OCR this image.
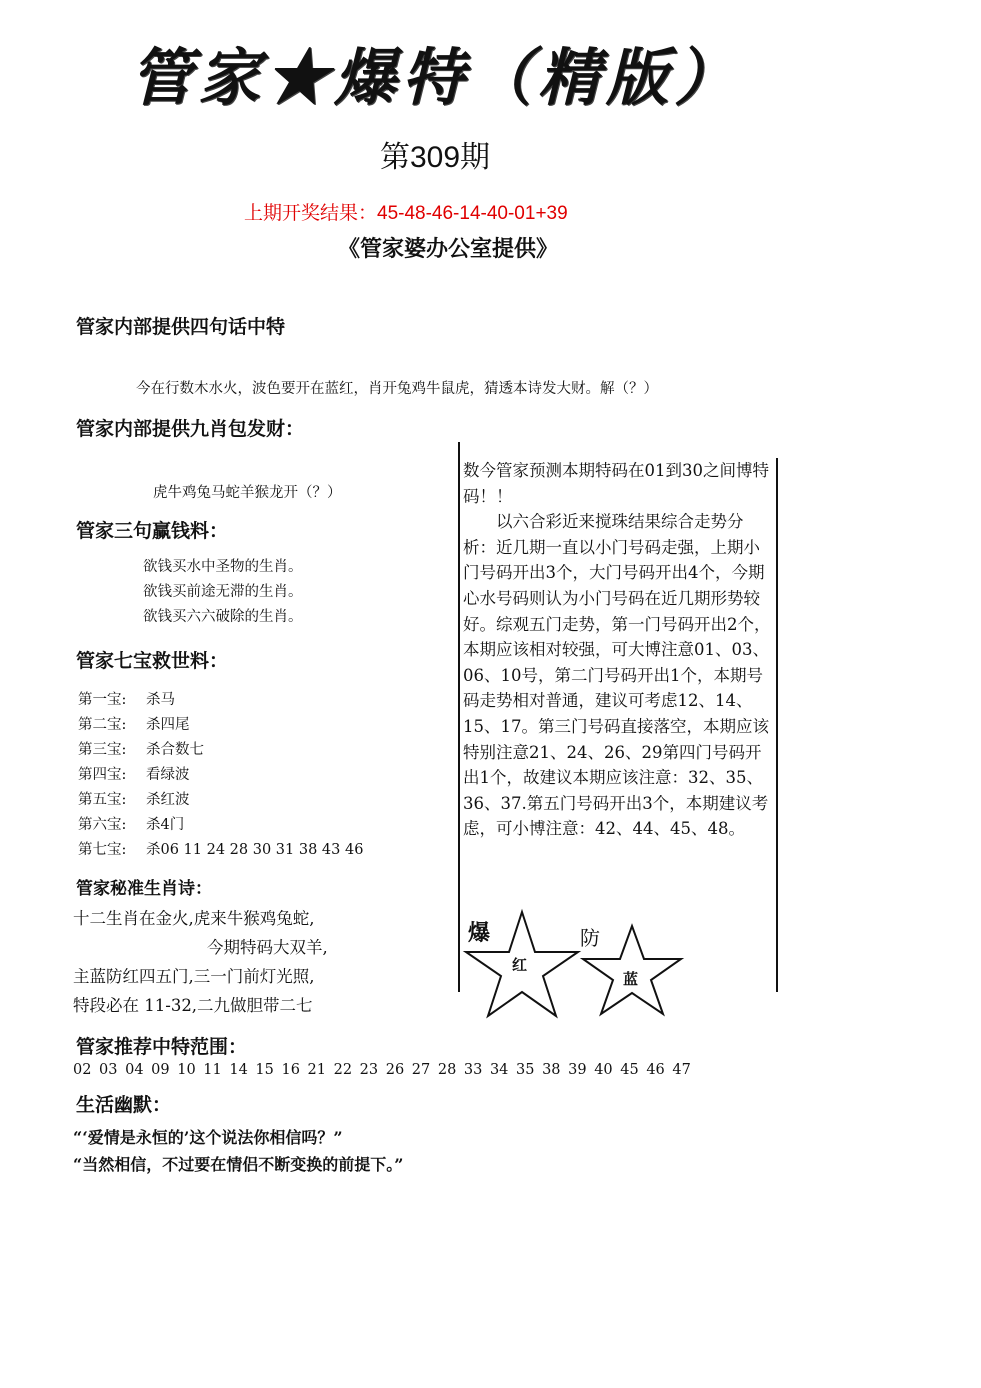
管家★爆特（精版）
第309期
上期开奖结果：45-48-46-14-40-01+39
《管家婆办公室提供》
管家内部提供四句话中特
今在行数木水火，波色要开在蓝红，肖开兔鸡牛鼠虎，猜透本诗发大财。解（？）
管家内部提供九肖包发财：
虎牛鸡兔马蛇羊猴龙开（？）
管家三句赢钱料：
欲钱买水中圣物的生肖。
欲钱买前途无滞的生肖。
欲钱买六六破除的生肖。
管家七宝救世料：
第一宝: 杀马
第二宝: 杀四尾
第三宝: 杀合数七
第四宝: 看绿波
第五宝: 杀红波
第六宝: 杀4门
第七宝: 杀06 11 24 28 30 31 38 43 46
管家秘准生肖诗：
十二生肖在金火,虎来牛猴鸡兔蛇,
今期特码大双羊,
主蓝防红四五门,三一门前灯光照,
特段必在 11-32,二九做胆带二七

数今管家预测本期特码在01到30之间博特码！！

以六合彩近来搅珠结果综合走势分析：近几期一直以小门号码走强，上期小门号码开出3个，大门号码开出4个，今期心水号码则认为小门号码在近几期形势较好。综观五门走势，第一门号码开出2个，本期应该相对较强，可大博注意01、03、06、10号，第二门号码开出1个，本期号码走势相对普通，建议可考虑12、14、15、17。第三门号码直接落空，本期应该特别注意21、24、26、29第四门号码开出1个，故建议本期应该注意：32、35、36、37.第五门号码开出3个，本期建议考虑，可小博注意：42、44、45、48。

爆
红
防
蓝
管家推荐中特范围：
02 03 04 09 10 11 14 15 16 21 22 23 26 27 28 33 34 35 38 39 40 45 46 47
生活幽默：
“‘爱情是永恒的’这个说法你相信吗？”
“当然相信，不过要在情侣不断变换的前提下。”
